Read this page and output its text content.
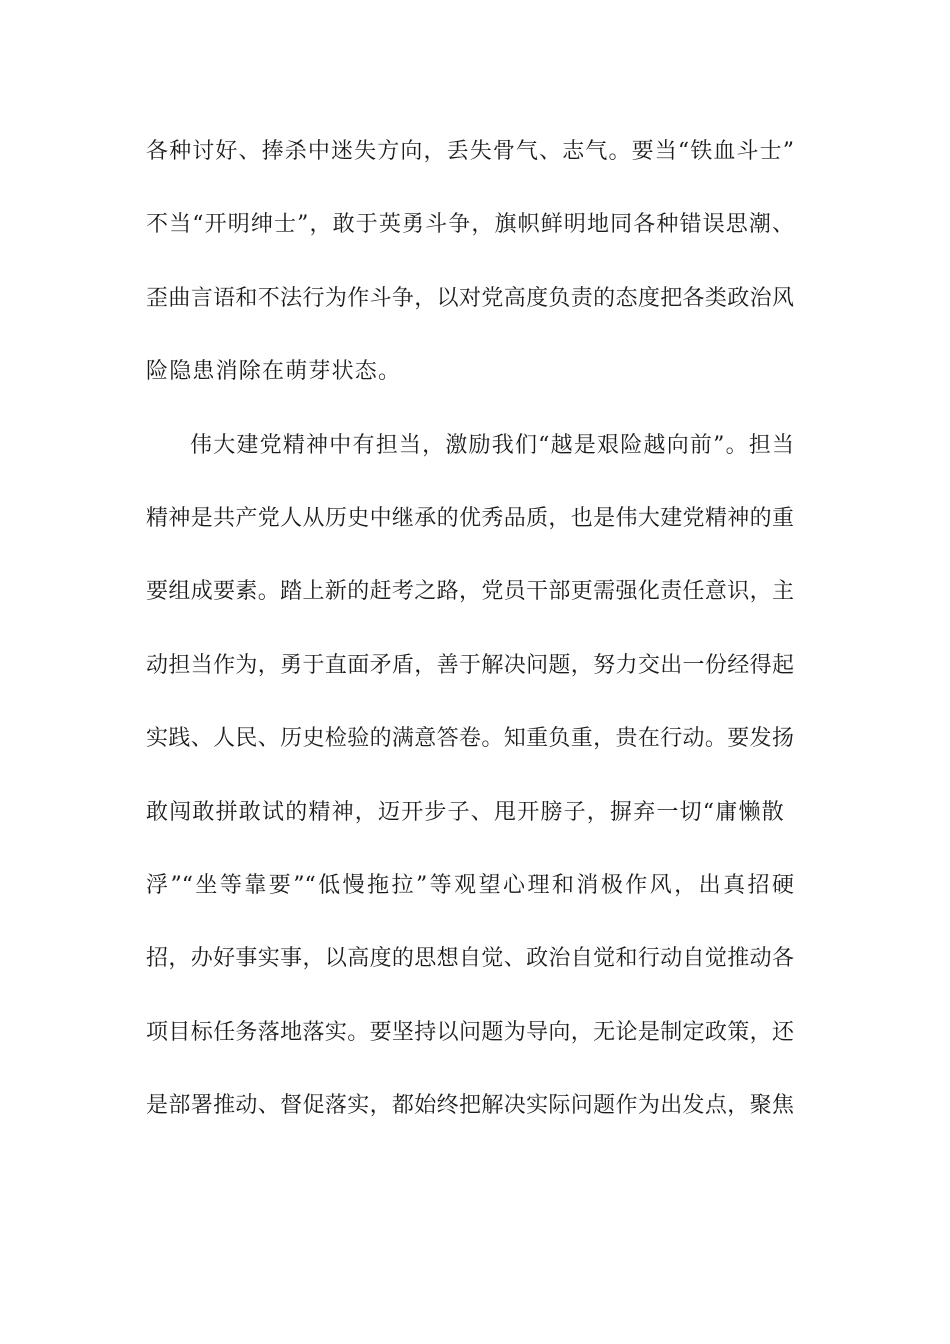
各种讨好、捧杀中迷失方向，丢失骨气、志气。要当“铁血斗士”
不当“开明绅士”，敢于英勇斗争，旗帜鲜明地同各种错误思潮、
歪曲言语和不法行为作斗争，以对党高度负责的态度把各类政治风
险隐患消除在萌芽状态。
伟大建党精神中有担当，激励我们“越是艰险越向前”。担当
精神是共产党人从历史中继承的优秀品质，也是伟大建党精神的重
要组成要素。踏上新的赶考之路，党员干部更需强化责任意识，主
动担当作为，勇于直面矛盾，善于解决问题，努力交出一份经得起
实践、人民、历史检验的满意答卷。知重负重，贵在行动。要发扬
敢闯敢拼敢试的精神，迈开步子、甩开膀子，摒弃一切“庸懒散
浮”“坐等靠要”“低慢拖拉”等观望心理和消极作风，出真招硬
招，办好事实事，以高度的思想自觉、政治自觉和行动自觉推动各
项目标任务落地落实。要坚持以问题为导向，无论是制定政策，还
是部署推动、督促落实，都始终把解决实际问题作为出发点，聚焦
